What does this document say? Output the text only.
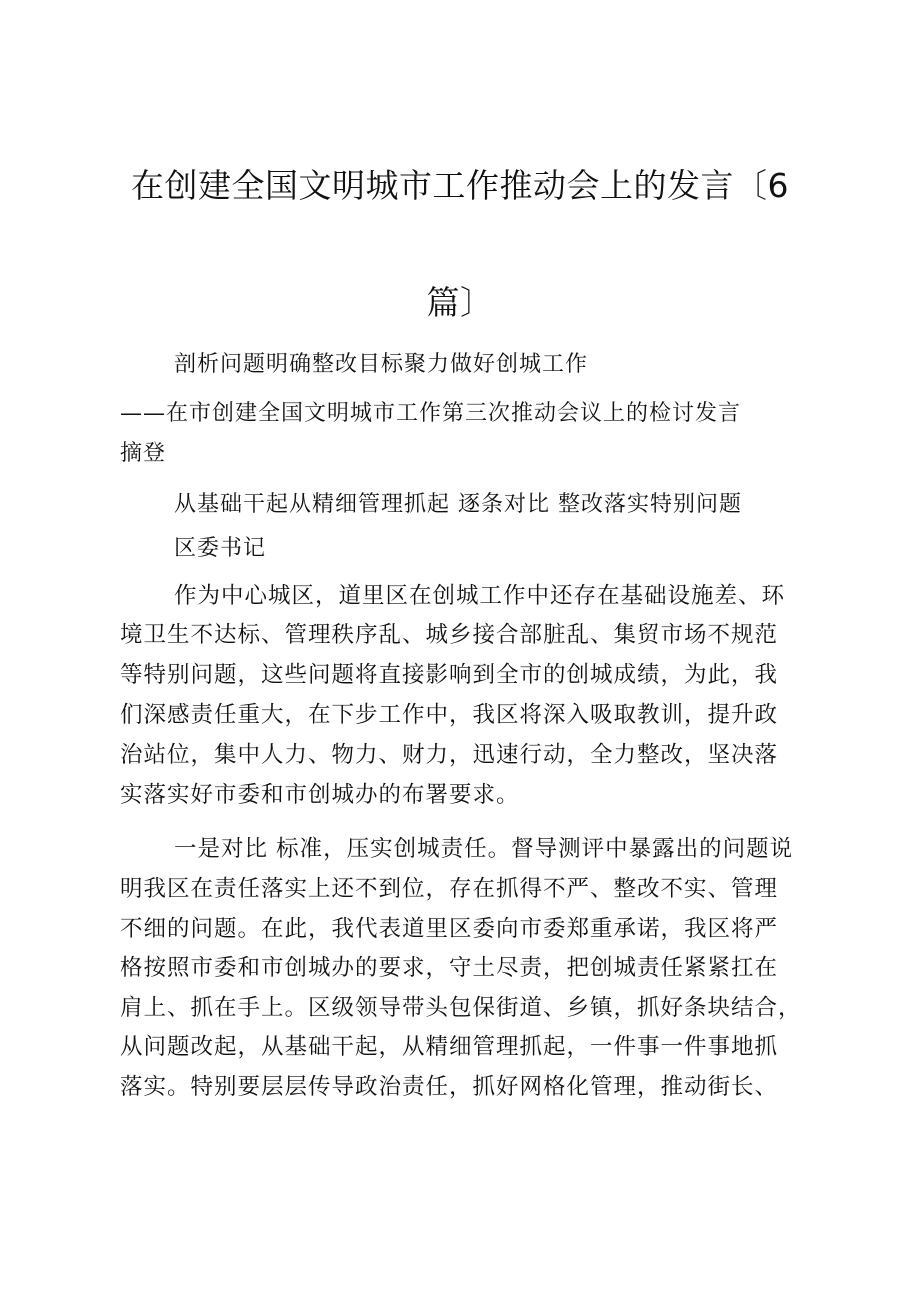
在创建全国文明城市工作推动会上的发言〔6
篇〕
剖析问题明确整改目标聚力做好创城工作
——在市创建全国文明城市工作第三次推动会议上的检讨发言
摘登
从基础干起从精细管理抓起 逐条对比 整改落实特别问题
区委书记
作为中心城区，道里区在创城工作中还存在基础设施差、环
境卫生不达标、管理秩序乱、城乡接合部脏乱、集贸市场不规范
等特别问题，这些问题将直接影响到全市的创城成绩，为此，我
们深感责任重大，在下步工作中，我区将深入吸取教训，提升政
治站位，集中人力、物力、财力，迅速行动，全力整改，坚决落
实落实好市委和市创城办的布署要求。
一是对比 标准，压实创城责任。督导测评中暴露出的问题说
明我区在责任落实上还不到位，存在抓得不严、整改不实、管理
不细的问题。在此，我代表道里区委向市委郑重承诺，我区将严
格按照市委和市创城办的要求，守土尽责，把创城责任紧紧扛在
肩上、抓在手上。区级领导带头包保街道、乡镇，抓好条块结合，
从问题改起，从基础干起，从精细管理抓起，一件事一件事地抓
落实。特别要层层传导政治责任，抓好网格化管理，推动街长、
